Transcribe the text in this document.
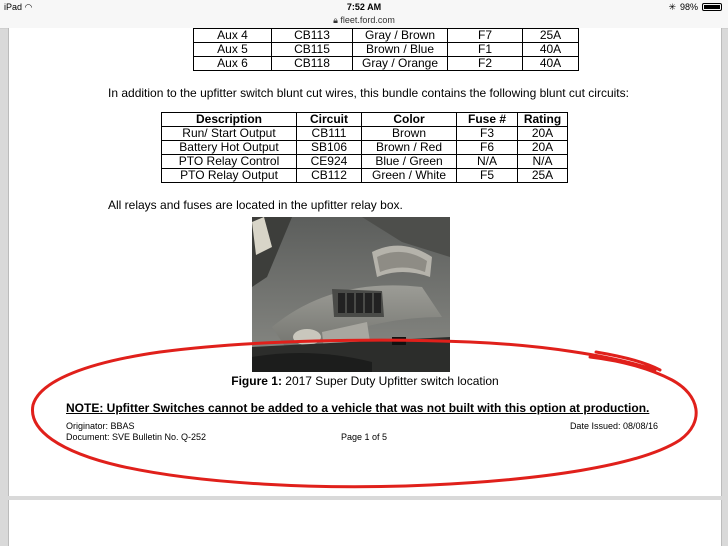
iPad ◠	7:52 AM	✳ 98%
🔒︎ fleet.ford.com
Aux 4	CB113	Gray / Brown	F7	25A
Aux 5	CB115	Brown / Blue	F1	40A
Aux 6	CB118	Gray / Orange	F2	40A
In addition to the upfitter switch blunt cut wires, this bundle contains the following blunt cut circuits:
Description	Circuit	Color	Fuse #	Rating
Run/ Start Output	CB111	Brown	F3	20A
Battery Hot Output	SB106	Brown / Red	F6	20A
PTO Relay Control	CE924	Blue / Green	N/A	N/A
PTO Relay Output	CB112	Green / White	F5	25A
All relays and fuses are located in the upfitter relay box.
Figure 1: 2017 Super Duty Upfitter switch location
NOTE: Upfitter Switches cannot be added to a vehicle that was not built with this option at production.
Originator: BBAS
Document: SVE Bulletin No. Q-252	Page 1 of 5
Date Issued: 08/08/16
